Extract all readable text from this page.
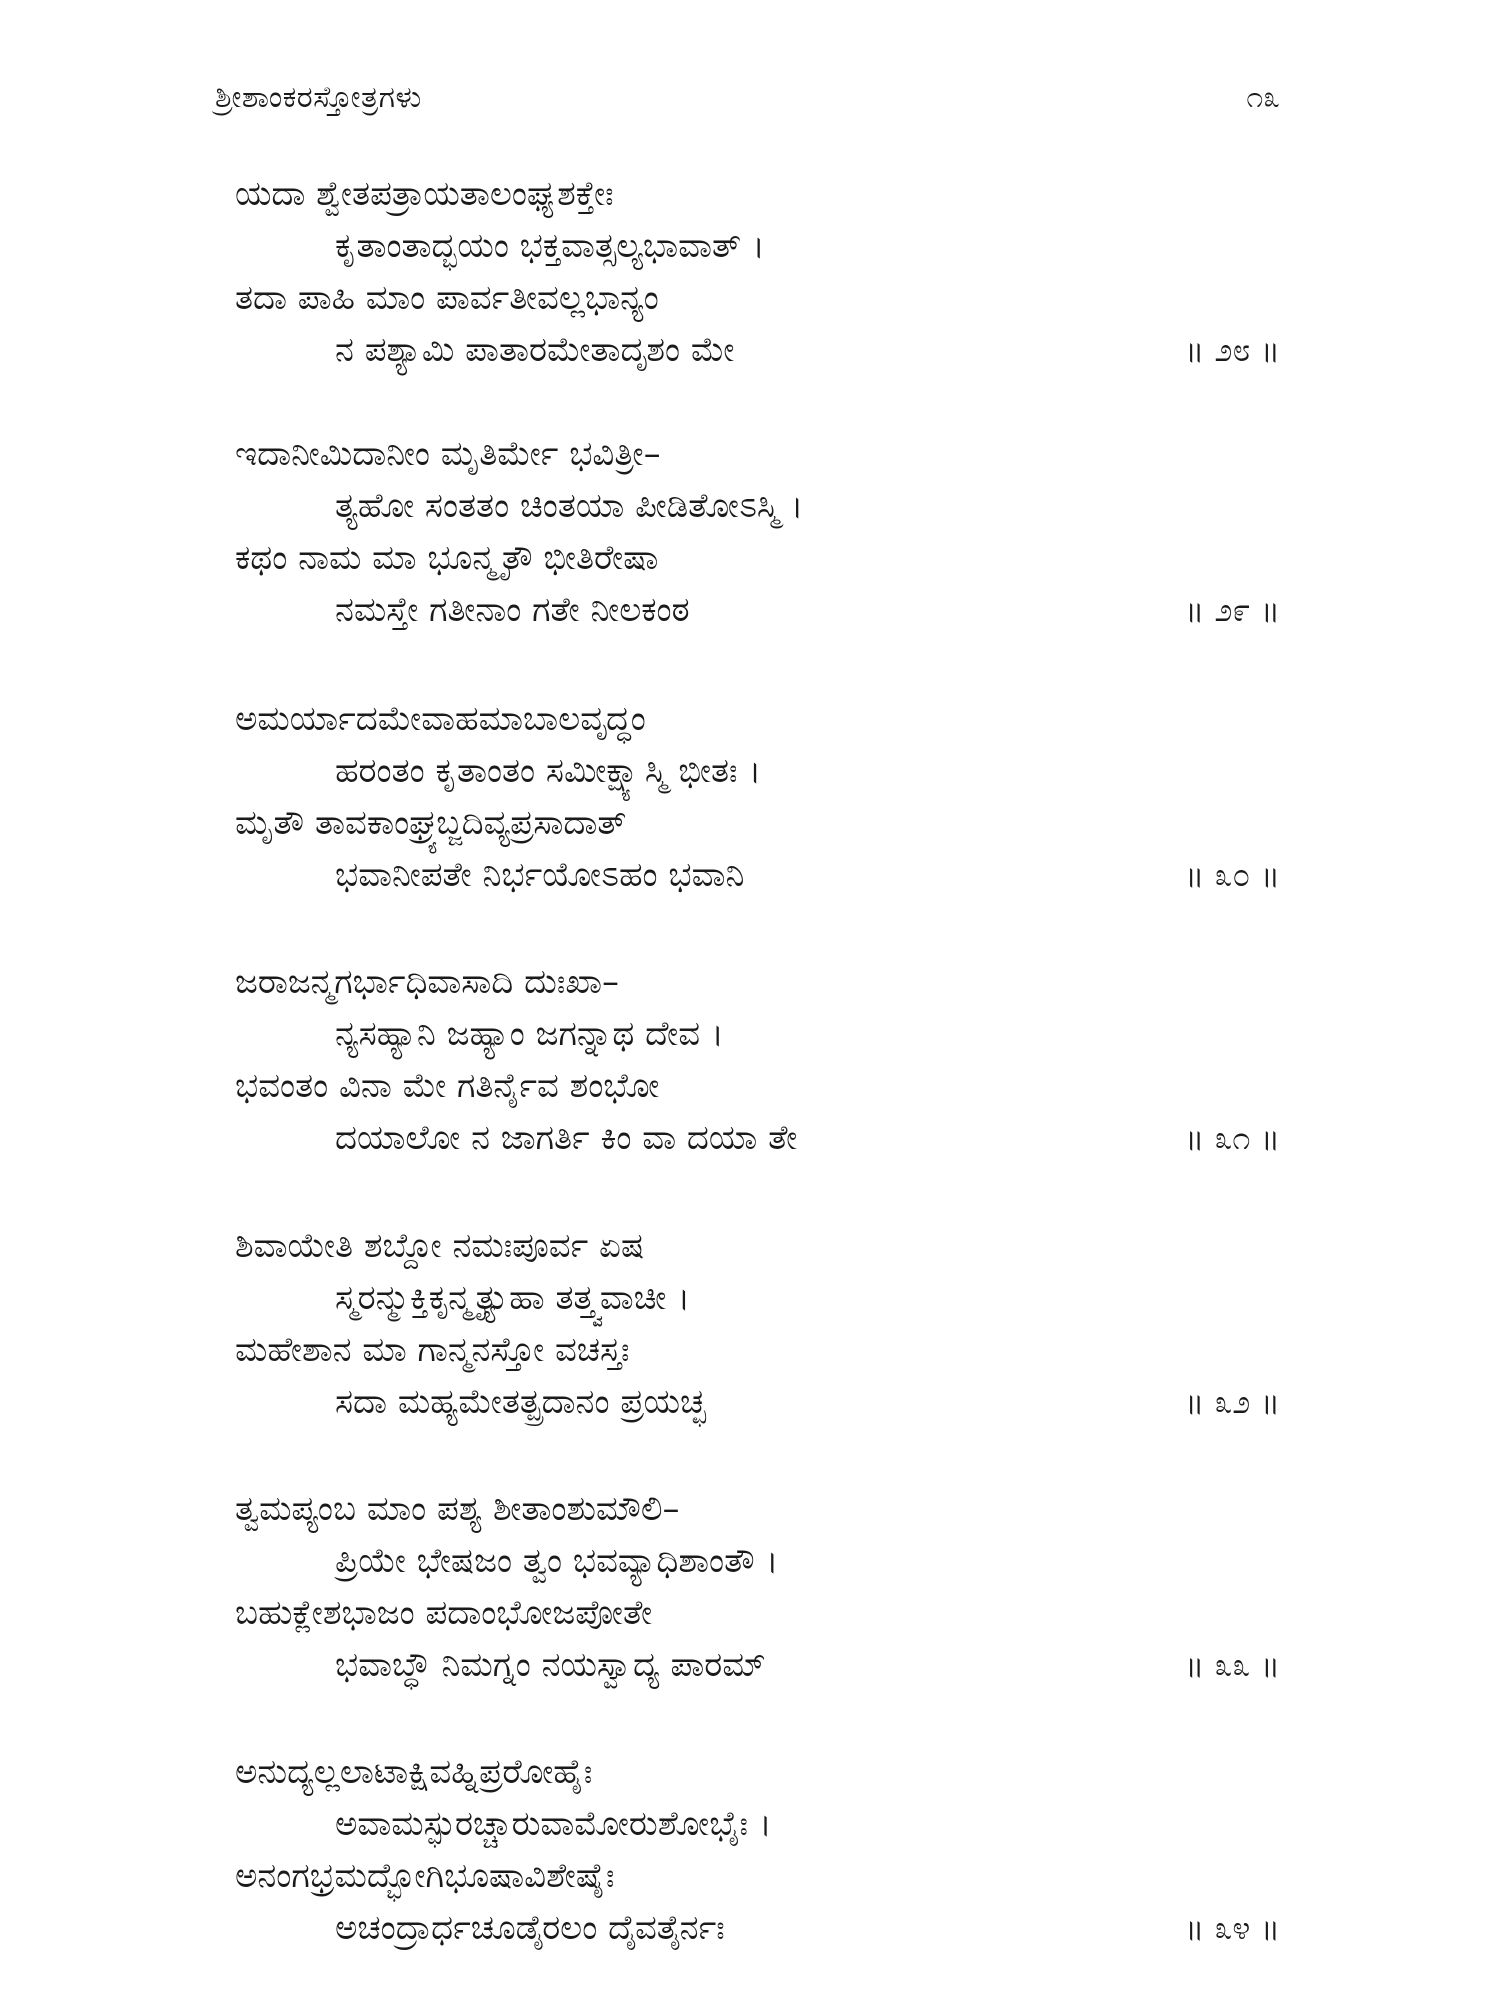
ಶ್ರೀಶಾಂಕರಸ್ತೋತ್ರಗಳು	೧೩
ಯದಾ ಶ್ವೇತಪತ್ರಾಯತಾಲಂಘ್ಯಶಕ್ತೇಃ
ಕೃತಾಂತಾದ್ಭಯಂ ಭಕ್ತವಾತ್ಸಲ್ಯಭಾವಾತ್ ।
ತದಾ ಪಾಹಿ ಮಾಂ ಪಾರ್ವತೀವಲ್ಲಭಾನ್ಯಂ
ನ ಪಶ್ಯಾಮಿ ಪಾತಾರಮೇತಾದೃಶಂ ಮೇ	॥ ೨೮ ॥
ಇದಾನೀಮಿದಾನೀಂ ಮೃತಿರ್ಮೇ ಭವಿತ್ರೀ–
ತ್ಯಹೋ ಸಂತತಂ ಚಿಂತಯಾ ಪೀಡಿತೋಽಸ್ಮಿ ।
ಕಥಂ ನಾಮ ಮಾ ಭೂನ್ಮೃತೌ ಭೀತಿರೇಷಾ
ನಮಸ್ತೇ ಗತೀನಾಂ ಗತೇ ನೀಲಕಂಠ	॥ ೨೯ ॥
ಅಮರ್ಯಾದಮೇವಾಹಮಾಬಾಲವೃದ್ಧಂ
ಹರಂತಂ ಕೃತಾಂತಂ ಸಮೀಕ್ಷ್ಯಾಸ್ಮಿ ಭೀತಃ ।
ಮೃತೌ ತಾವಕಾಂಘ್ರ್ಯಬ್ಜದಿವ್ಯಪ್ರಸಾದಾತ್
ಭವಾನೀಪತೇ ನಿರ್ಭಯೋಽಹಂ ಭವಾನಿ	॥ ೩೦ ॥
ಜರಾಜನ್ಮಗರ್ಭಾಧಿವಾಸಾದಿ ದುಃಖಾ–
ನ್ಯಸಹ್ಯಾನಿ ಜಹ್ಯಾಂ ಜಗನ್ನಾಥ ದೇವ ।
ಭವಂತಂ ವಿನಾ ಮೇ ಗತಿರ್ನೈವ ಶಂಭೋ
ದಯಾಲೋ ನ ಜಾಗರ್ತಿ ಕಿಂ ವಾ ದಯಾ ತೇ	॥ ೩೧ ॥
ಶಿವಾಯೇತಿ ಶಬ್ದೋ ನಮಃಪೂರ್ವ ಏಷ
ಸ್ಮರನ್ಮುಕ್ತಿಕೃನ್ಮೃತ್ಯುಹಾ ತತ್ತ್ವವಾಚೀ ।
ಮಹೇಶಾನ ಮಾ ಗಾನ್ಮನಸ್ತೋ ವಚಸ್ತಃ
ಸದಾ ಮಹ್ಯಮೇತತ್ಪ್ರದಾನಂ ಪ್ರಯಚ್ಛ	॥ ೩೨ ॥
ತ್ವಮಪ್ಯಂಬ ಮಾಂ ಪಶ್ಯ ಶೀತಾಂಶುಮೌಲಿ–
ಪ್ರಿಯೇ ಭೇಷಜಂ ತ್ವಂ ಭವವ್ಯಾಧಿಶಾಂತೌ ।
ಬಹುಕ್ಲೇಶಭಾಜಂ ಪದಾಂಭೋಜಪೋತೇ
ಭವಾಬ್ಧೌ ನಿಮಗ್ನಂ ನಯಸ್ವಾದ್ಯ ಪಾರಮ್	॥ ೩೩ ॥
ಅನುದ್ಯಲ್ಲಲಾಟಾಕ್ಷಿವಹ್ನಿಪ್ರರೋಹೈಃ
ಅವಾಮಸ್ಫುರಚ್ಚಾರುವಾಮೋರುಶೋಭೈಃ ।
ಅನಂಗಭ್ರಮದ್ಭೋಗಿಭೂಷಾವಿಶೇಷೈಃ
ಅಚಂದ್ರಾರ್ಧಚೂಡೈರಲಂ ದೈವತೈರ್ನಃ	॥ ೩೪ ॥
